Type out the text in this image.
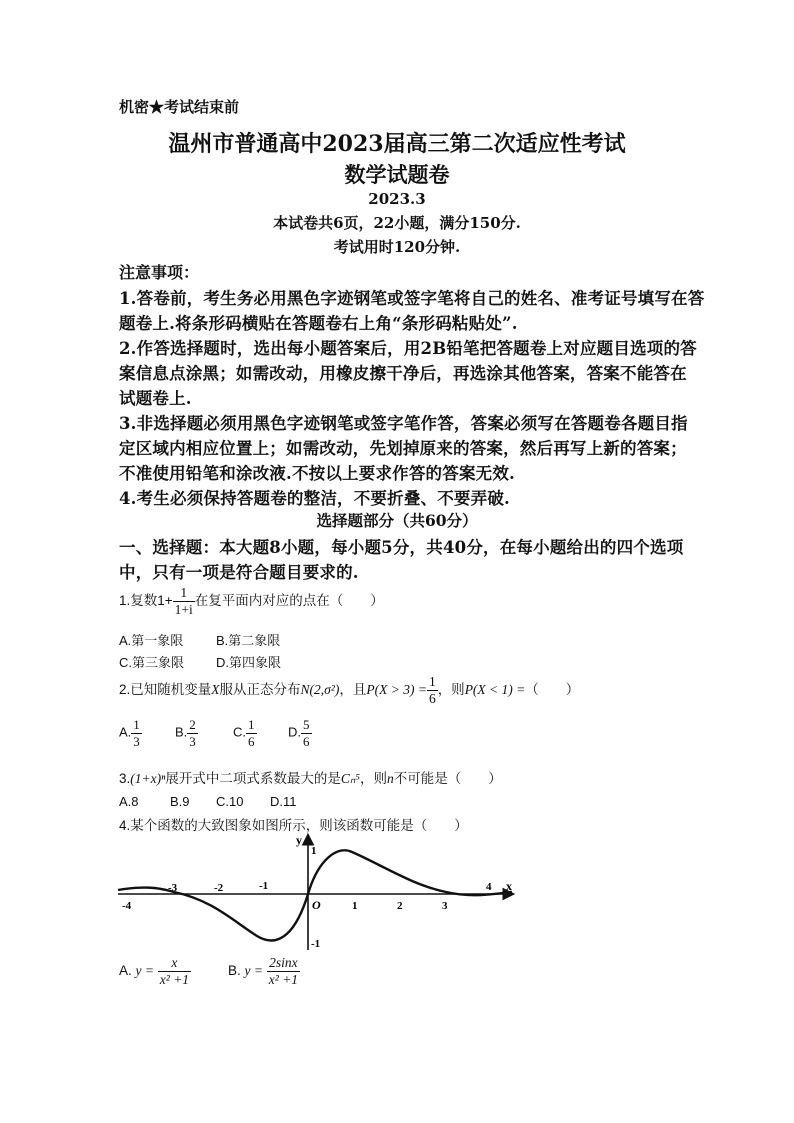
机密★考试结束前
温州市普通高中2023届高三第二次适应性考试
数学试题卷
2023.3
本试卷共6页，22小题，满分150分.
考试用时120分钟.
注意事项：
1.答卷前，考生务必用黑色字迹钢笔或签字笔将自己的姓名、准考证号填写在答
题卷上.将条形码横贴在答题卷右上角“条形码粘贴处”.
2.作答选择题时，选出每小题答案后，用2B铅笔把答题卷上对应题目选项的答
案信息点涂黑；如需改动，用橡皮擦干净后，再选涂其他答案，答案不能答在
试题卷上.
3.非选择题必须用黑色字迹钢笔或签字笔作答，答案必须写在答题卷各题目指
定区域内相应位置上；如需改动，先划掉原来的答案，然后再写上新的答案；
不准使用铅笔和涂改液.不按以上要求作答的答案无效.
4.考生必须保持答题卷的整洁，不要折叠、不要弄破.
选择题部分（共60分）
一、选择题：本大题8小题，每小题5分，共40分，在每小题给出的四个选项
中，只有一项是符合题目要求的.
1.复数$1+ \frac{1}{1+i}$ 在复平面内对应的点在（　　）
A.第一象限	B.第二象限
C.第三象限 D.第四象限
2.已知随机变量X服从正态分布N(2,σ²)，且$P(X > 3) = \frac{1}{6}$ ，则P(X < 1) =（　　）
A. $\frac{1}{3}$	B. $\frac{2}{3}$	C. $\frac{1}{6} D$. $\frac{5}{6}$
3.(1+x)ⁿ展开式中二项式系数最大的是Cₙ⁵，则n不可能是（　　）
A.8 B.9 C.10 D.11
4.某个函数的大致图象如图所示，则该函数可能是（　　）
y
x
1
-1
O
-4
-3	-2	-1
1	2	3
4
A. $y = \frac{x}{\text{x² +1}}$	B. $y = \frac{2\sin x}{\text{x² +1}}$
